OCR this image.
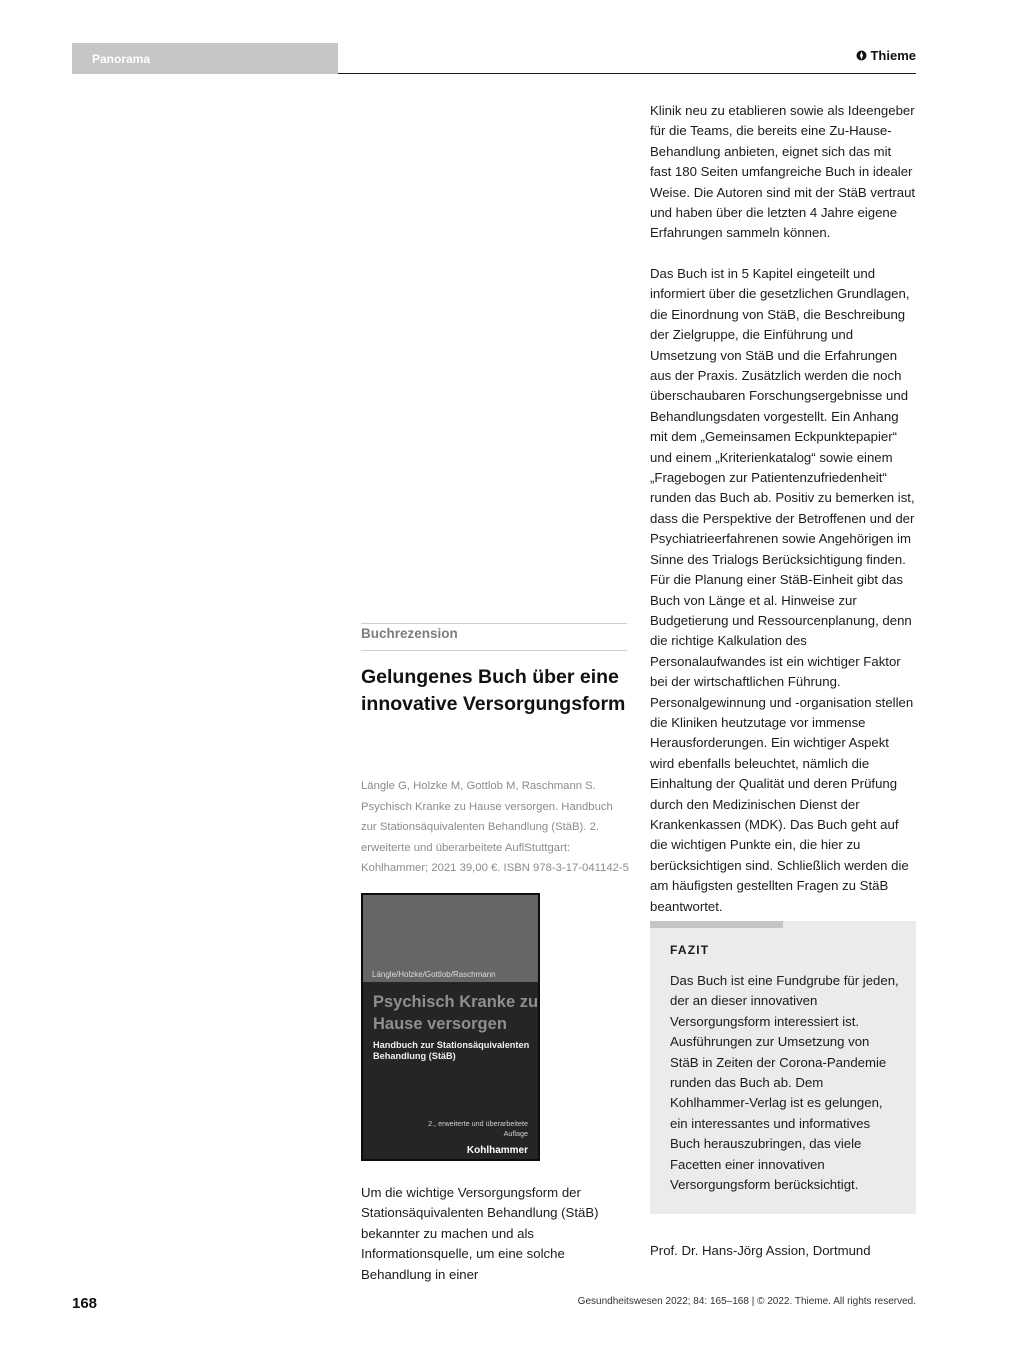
Panorama	Thieme
Buchrezension
Gelungenes Buch über eine innovative Versorgungsform
Längle G, Holzke M, Gottlob M, Raschmann S. Psychisch Kranke zu Hause versorgen. Handbuch zur Stationsäquivalenten Behandlung (StäB). 2. erweiterte und überarbeitete AuflStuttgart: Kohlhammer; 2021 39,00 €. ISBN 978-3-17-041142-5
Längle/Holzke/Gottlob/Raschmann
Psychisch Kranke zu Hause versorgen
Handbuch zur Stationsäquivalenten Behandlung (StäB)
2., erweiterte und überarbeitete Auflage
Kohlhammer

Um die wichtige Versorgungsform der Stationsäquivalenten Behandlung (StäB) bekannter zu machen und als Informationsquelle, um eine solche Behandlung in einer

Klinik neu zu etablieren sowie als Ideengeber für die Teams, die bereits eine Zu-Hause-Behandlung anbieten, eignet sich das mit fast 180 Seiten umfangreiche Buch in idealer Weise. Die Autoren sind mit der StäB vertraut und haben über die letzten 4 Jahre eigene Erfahrungen sammeln können.

Das Buch ist in 5 Kapitel eingeteilt und informiert über die gesetzlichen Grundlagen, die Einordnung von StäB, die Beschreibung der Zielgruppe, die Einführung und Umsetzung von StäB und die Erfahrungen aus der Praxis. Zusätzlich werden die noch überschaubaren Forschungsergebnisse und Behandlungsdaten vorgestellt. Ein Anhang mit dem „Gemeinsamen Eckpunktepapier“ und einem „Kriterienkatalog“ sowie einem „Fragebogen zur Patientenzufriedenheit“ runden das Buch ab. Positiv zu bemerken ist, dass die Perspektive der Betroffenen und der Psychiatrieerfahrenen sowie Angehörigen im Sinne des Trialogs Berücksichtigung finden. Für die Planung einer StäB-Einheit gibt das Buch von Länge et al. Hinweise zur Budgetierung und Ressourcenplanung, denn die richtige Kalkulation des Personalaufwandes ist ein wichtiger Faktor bei der wirtschaftlichen Führung. Personalgewinnung und -organisation stellen die Kliniken heutzutage vor immense Herausforderungen. Ein wichtiger Aspekt wird ebenfalls beleuchtet, nämlich die Einhaltung der Qualität und deren Prüfung durch den Medizinischen Dienst der Krankenkassen (MDK). Das Buch geht auf die wichtigen Punkte ein, die hier zu berücksichtigen sind. Schließlich werden die am häufigsten gestellten Fragen zu StäB beantwortet.

FAZIT
Das Buch ist eine Fundgrube für jeden, der an dieser innovativen Versorgungsform interessiert ist. Ausführungen zur Umsetzung von StäB in Zeiten der Corona-Pandemie runden das Buch ab. Dem Kohlhammer-Verlag ist es gelungen, ein interessantes und informatives Buch herauszubringen, das viele Facetten einer innovativen Versorgungsform berücksichtigt.
Prof. Dr. Hans-Jörg Assion, Dortmund
168	Gesundheitswesen 2022; 84: 165–168 | © 2022. Thieme. All rights reserved.
